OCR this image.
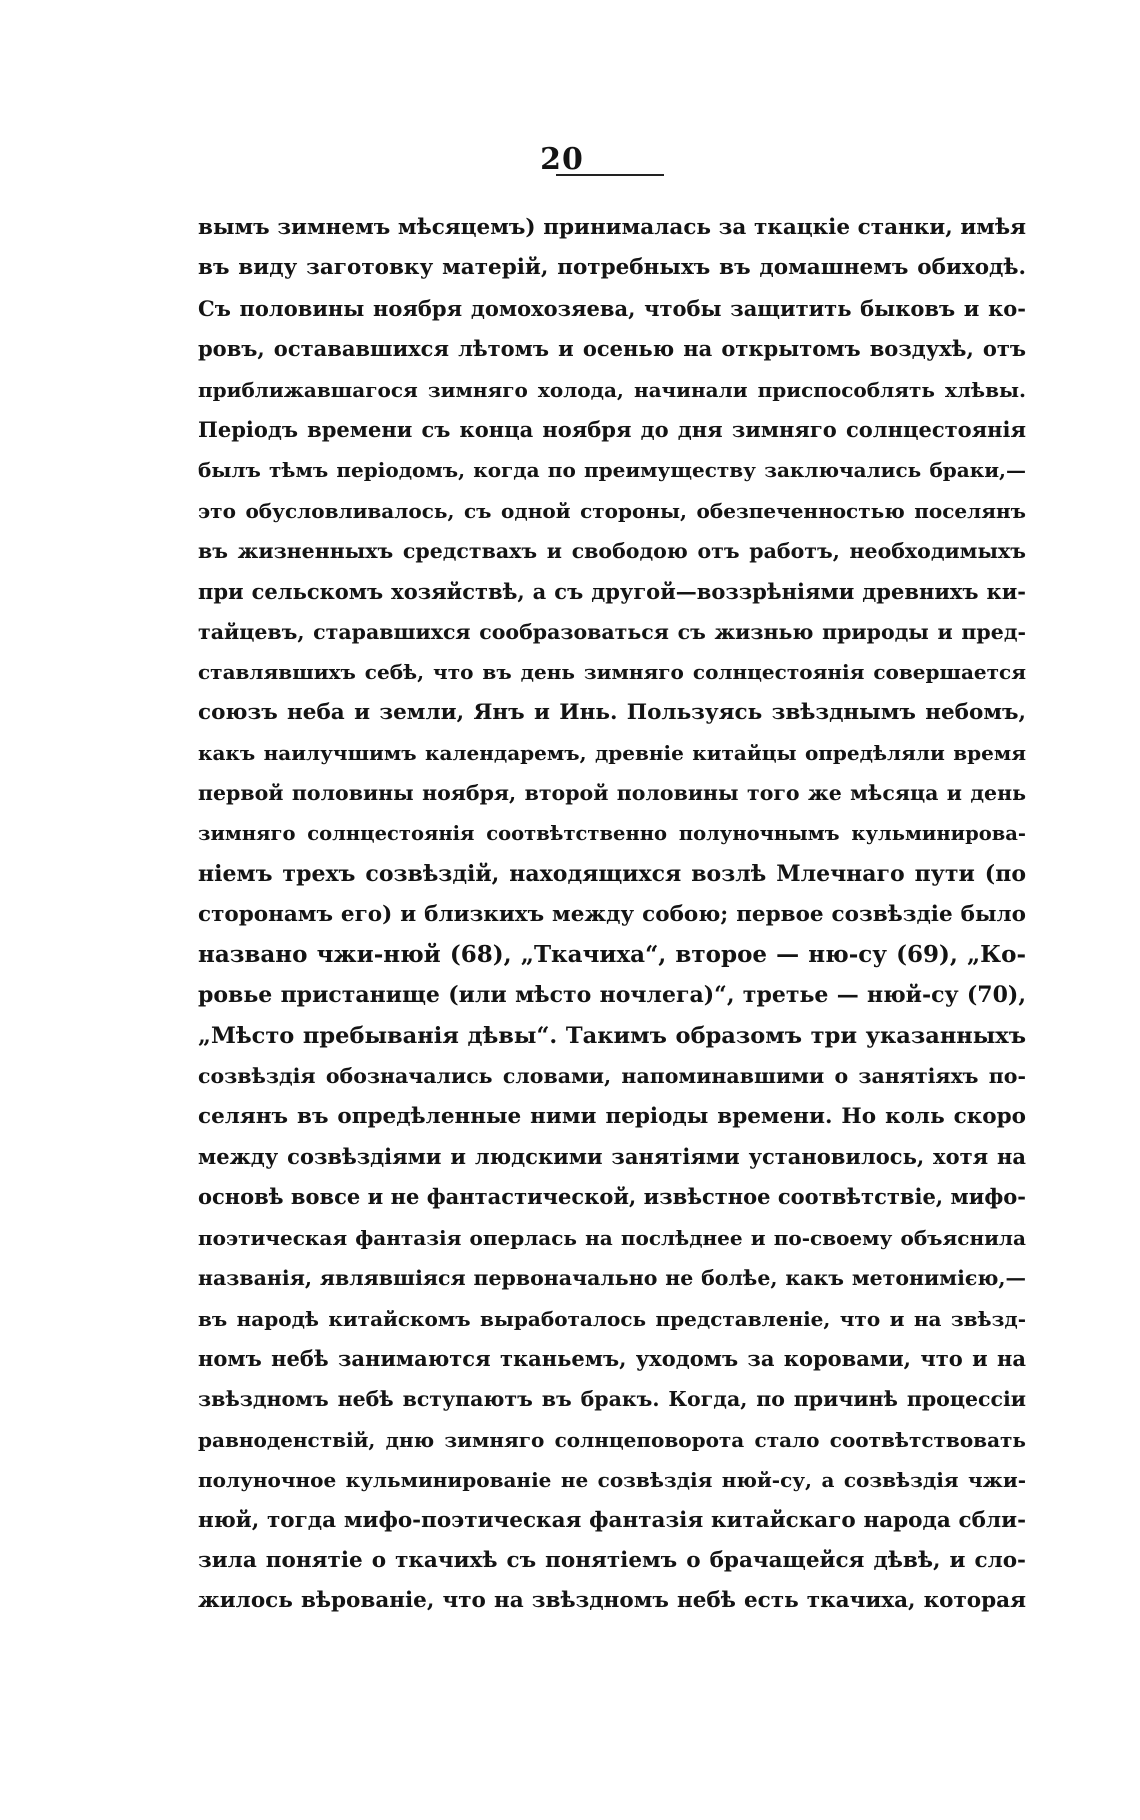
20
вымъ зимнемъ мѣсяцемъ) принималась за ткацкіе станки, имѣя
въ виду заготовку матерій, потребныхъ въ домашнемъ обиходѣ.
Съ половины ноября домохозяева, чтобы защитить быковъ и ко-
ровъ, остававшихся лѣтомъ и осенью на открытомъ воздухѣ, отъ
приближавшагося зимняго холода, начинали приспособлять хлѣвы.
Періодъ времени съ конца ноября до дня зимняго солнцестоянія
былъ тѣмъ періодомъ, когда по преимуществу заключались браки,—
это обусловливалось, съ одной стороны, обезпеченностью поселянъ
въ жизненныхъ средствахъ и свободою отъ работъ, необходимыхъ
при сельскомъ хозяйствѣ, а съ другой—воззрѣніями древнихъ ки-
тайцевъ, старавшихся сообразоваться съ жизнью природы и пред-
ставлявшихъ себѣ, что въ день зимняго солнцестоянія совершается
союзъ неба и земли, Янъ и Инь. Пользуясь звѣзднымъ небомъ,
какъ наилучшимъ календаремъ, древніе китайцы опредѣляли время
первой половины ноября, второй половины того же мѣсяца и день
зимняго солнцестоянія соотвѣтственно полуночнымъ кульминирова-
ніемъ трехъ созвѣздій, находящихся возлѣ Млечнаго пути (по
сторонамъ его) и близкихъ между собою; первое созвѣздіе было
названо чжи-нюй (68), „Ткачиха“, второе — ню-су (69), „Ко-
ровье пристанище (или мѣсто ночлега)“, третье — нюй-су (70),
„Мѣсто пребыванія дѣвы“. Такимъ образомъ три указанныхъ
созвѣздія обозначались словами, напоминавшими о занятіяхъ по-
селянъ въ опредѣленные ними періоды времени. Но коль скоро
между созвѣздіями и людскими занятіями установилось, хотя на
основѣ вовсе и не фантастической, извѣстное соотвѣтствіе, мифо-
поэтическая фантазія оперлась на послѣднее и по-своему объяснила
названія, являвшіяся первоначально не болѣе, какъ метонимією,—
въ народѣ китайскомъ выработалось представленіе, что и на звѣзд-
номъ небѣ занимаются тканьемъ, уходомъ за коровами, что и на
звѣздномъ небѣ вступаютъ въ бракъ. Когда, по причинѣ процессіи
равноденствій, дню зимняго солнцеповорота стало соотвѣтствовать
полуночное кульминированіе не созвѣздія нюй-су, а созвѣздія чжи-
нюй, тогда мифо-поэтическая фантазія китайскаго народа сбли-
зила понятіе о ткачихѣ съ понятіемъ о брачащейся дѣвѣ, и сло-
жилось вѣрованіе, что на звѣздномъ небѣ есть ткачиха, которая
